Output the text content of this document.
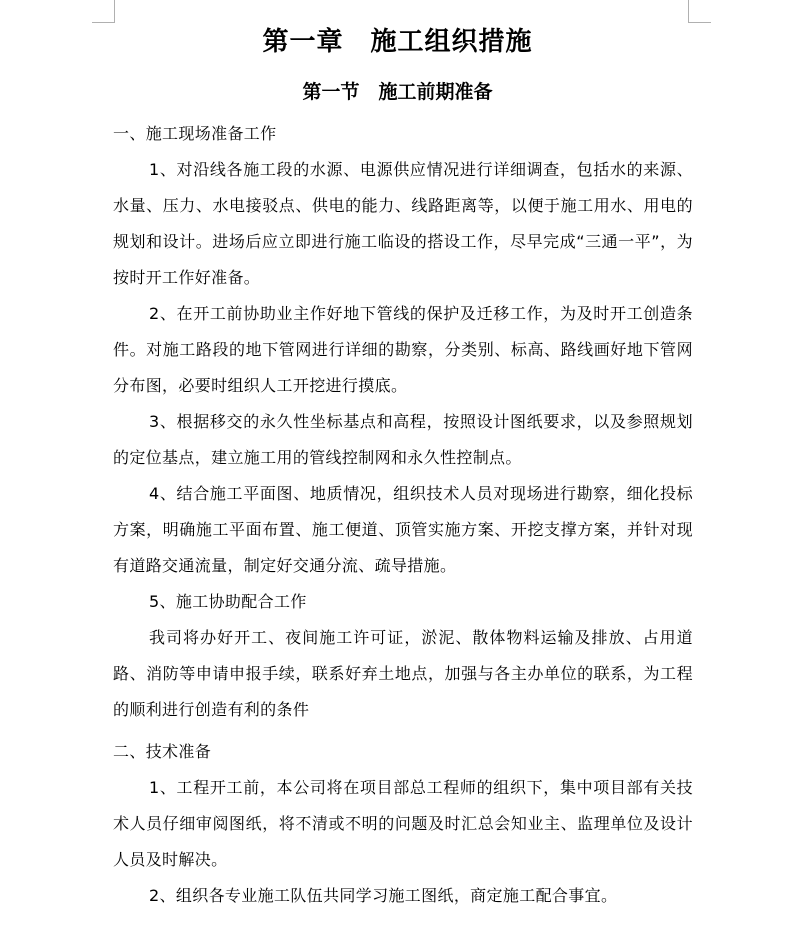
第一章　施工组织措施
第一节　施工前期准备

一、施工现场准备工作

1、对沿线各施工段的水源、电源供应情况进行详细调查，包括水的来源、水量、压力、水电接驳点、供电的能力、线路距离等，以便于施工用水、用电的规划和设计。进场后应立即进行施工临设的搭设工作，尽早完成“三通一平”，为按时开工作好准备。

2、在开工前协助业主作好地下管线的保护及迁移工作，为及时开工创造条件。对施工路段的地下管网进行详细的勘察，分类别、标高、路线画好地下管网分布图，必要时组织人工开挖进行摸底。

3、根据移交的永久性坐标基点和高程，按照设计图纸要求，以及参照规划的定位基点，建立施工用的管线控制网和永久性控制点。

4、结合施工平面图、地质情况，组织技术人员对现场进行勘察，细化投标方案，明确施工平面布置、施工便道、顶管实施方案、开挖支撑方案，并针对现有道路交通流量，制定好交通分流、疏导措施。

5、施工协助配合工作

我司将办好开工、夜间施工许可证，淤泥、散体物料运输及排放、占用道路、消防等申请申报手续，联系好弃土地点，加强与各主办单位的联系，为工程的顺利进行创造有利的条件

二、技术准备

1、工程开工前，本公司将在项目部总工程师的组织下，集中项目部有关技术人员仔细审阅图纸，将不清或不明的问题及时汇总会知业主、监理单位及设计人员及时解决。

2、组织各专业施工队伍共同学习施工图纸，商定施工配合事宜。
